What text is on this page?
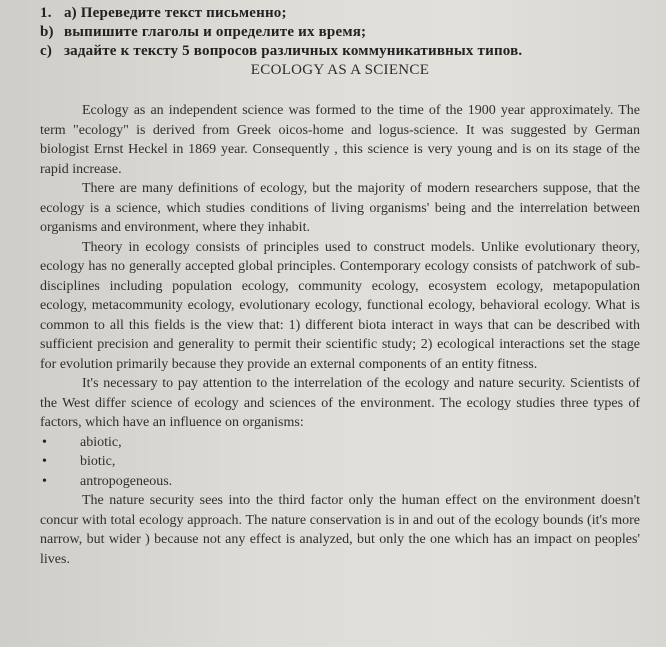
1. а) Переведите текст письменно;
b) выпишите глаголы и определите их время;
c) задайте к тексту 5 вопросов различных коммуникативных типов.
ECOLOGY AS A SCIENCE

Ecology as an independent science was formed to the time of the 1900 year approximately. The term "ecology" is derived from Greek oicos-home and logus-science. It was suggested by German biologist Ernst Heckel in 1869 year. Consequently , this science is very young and is on its stage of the rapid increase.

There are many definitions of ecology, but the majority of modern researchers suppose, that the ecology is a science, which studies conditions of living organisms' being and the interrelation between organisms and environment, where they inhabit.

Theory in ecology consists of principles used to construct models. Unlike evolutionary theory, ecology has no generally accepted global principles. Contemporary ecology consists of patchwork of sub-disciplines including population ecology, community ecology, ecosystem ecology, metapopulation ecology, metacommunity ecology, evolutionary ecology, functional ecology, behavioral ecology. What is common to all this fields is the view that: 1) different biota interact in ways that can be described with sufficient precision and generality to permit their scientific study; 2) ecological interactions set the stage for evolution primarily because they provide an external components of an entity fitness.

It's necessary to pay attention to the interrelation of the ecology and nature security. Scientists of the West differ science of ecology and sciences of the environment. The ecology studies three types of factors, which have an influence on organisms:

• abiotic,
• biotic,
• antropogeneous.

The nature security sees into the third factor only the human effect on the environment doesn't concur with total ecology approach. The nature conservation is in and out of the ecology bounds (it's more narrow, but wider ) because not any effect is analyzed, but only the one which has an impact on peoples' lives.
